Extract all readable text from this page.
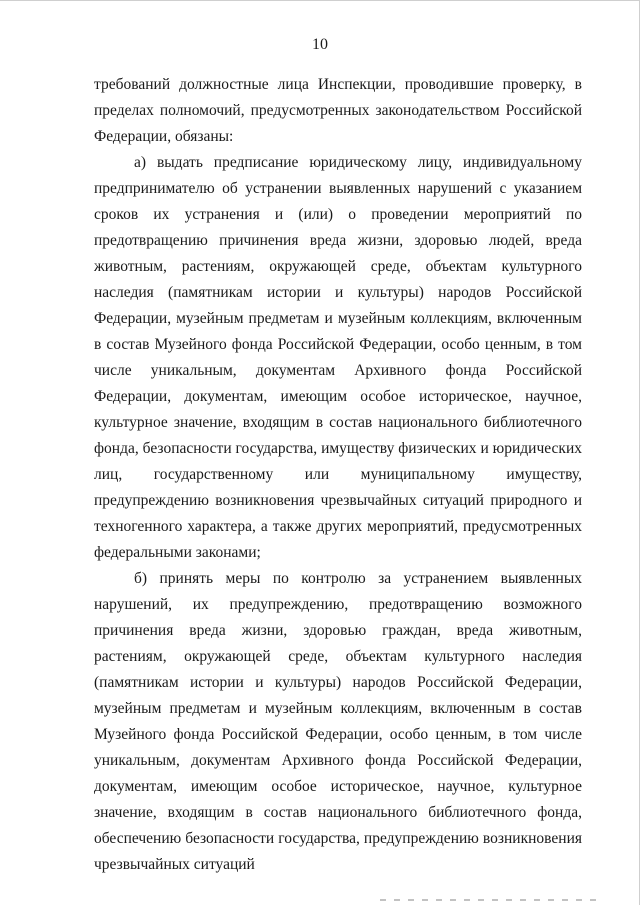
10

требований должностные лица Инспекции, проводившие проверку, в пределах полномочий, предусмотренных законодательством Российской Федерации, обязаны:

а) выдать предписание юридическому лицу, индивидуальному предпринимателю об устранении выявленных нарушений с указанием сроков их устранения и (или) о проведении мероприятий по предотвращению причинения вреда жизни, здоровью людей, вреда животным, растениям, окружающей среде, объектам культурного наследия (памятникам истории и культуры) народов Российской Федерации, музейным предметам и музейным коллекциям, включенным в состав Музейного фонда Российской Федерации, особо ценным, в том числе уникальным, документам Архивного фонда Российской Федерации, документам, имеющим особое историческое, научное, культурное значение, входящим в состав национального библиотечного фонда, безопасности государства, имуществу физических и юридических лиц, государственному или муниципальному имуществу, предупреждению возникновения чрезвычайных ситуаций природного и техногенного характера, а также других мероприятий, предусмотренных федеральными законами;

б) принять меры по контролю за устранением выявленных нарушений, их предупреждению, предотвращению возможного причинения вреда жизни, здоровью граждан, вреда животным, растениям, окружающей среде, объектам культурного наследия (памятникам истории и культуры) народов Российской Федерации, музейным предметам и музейным коллекциям, включенным в состав Музейного фонда Российской Федерации, особо ценным, в том числе уникальным, документам Архивного фонда Российской Федерации, документам, имеющим особое историческое, научное, культурное значение, входящим в состав национального библиотечного фонда, обеспечению безопасности государства, предупреждению возникновения чрезвычайных ситуаций
